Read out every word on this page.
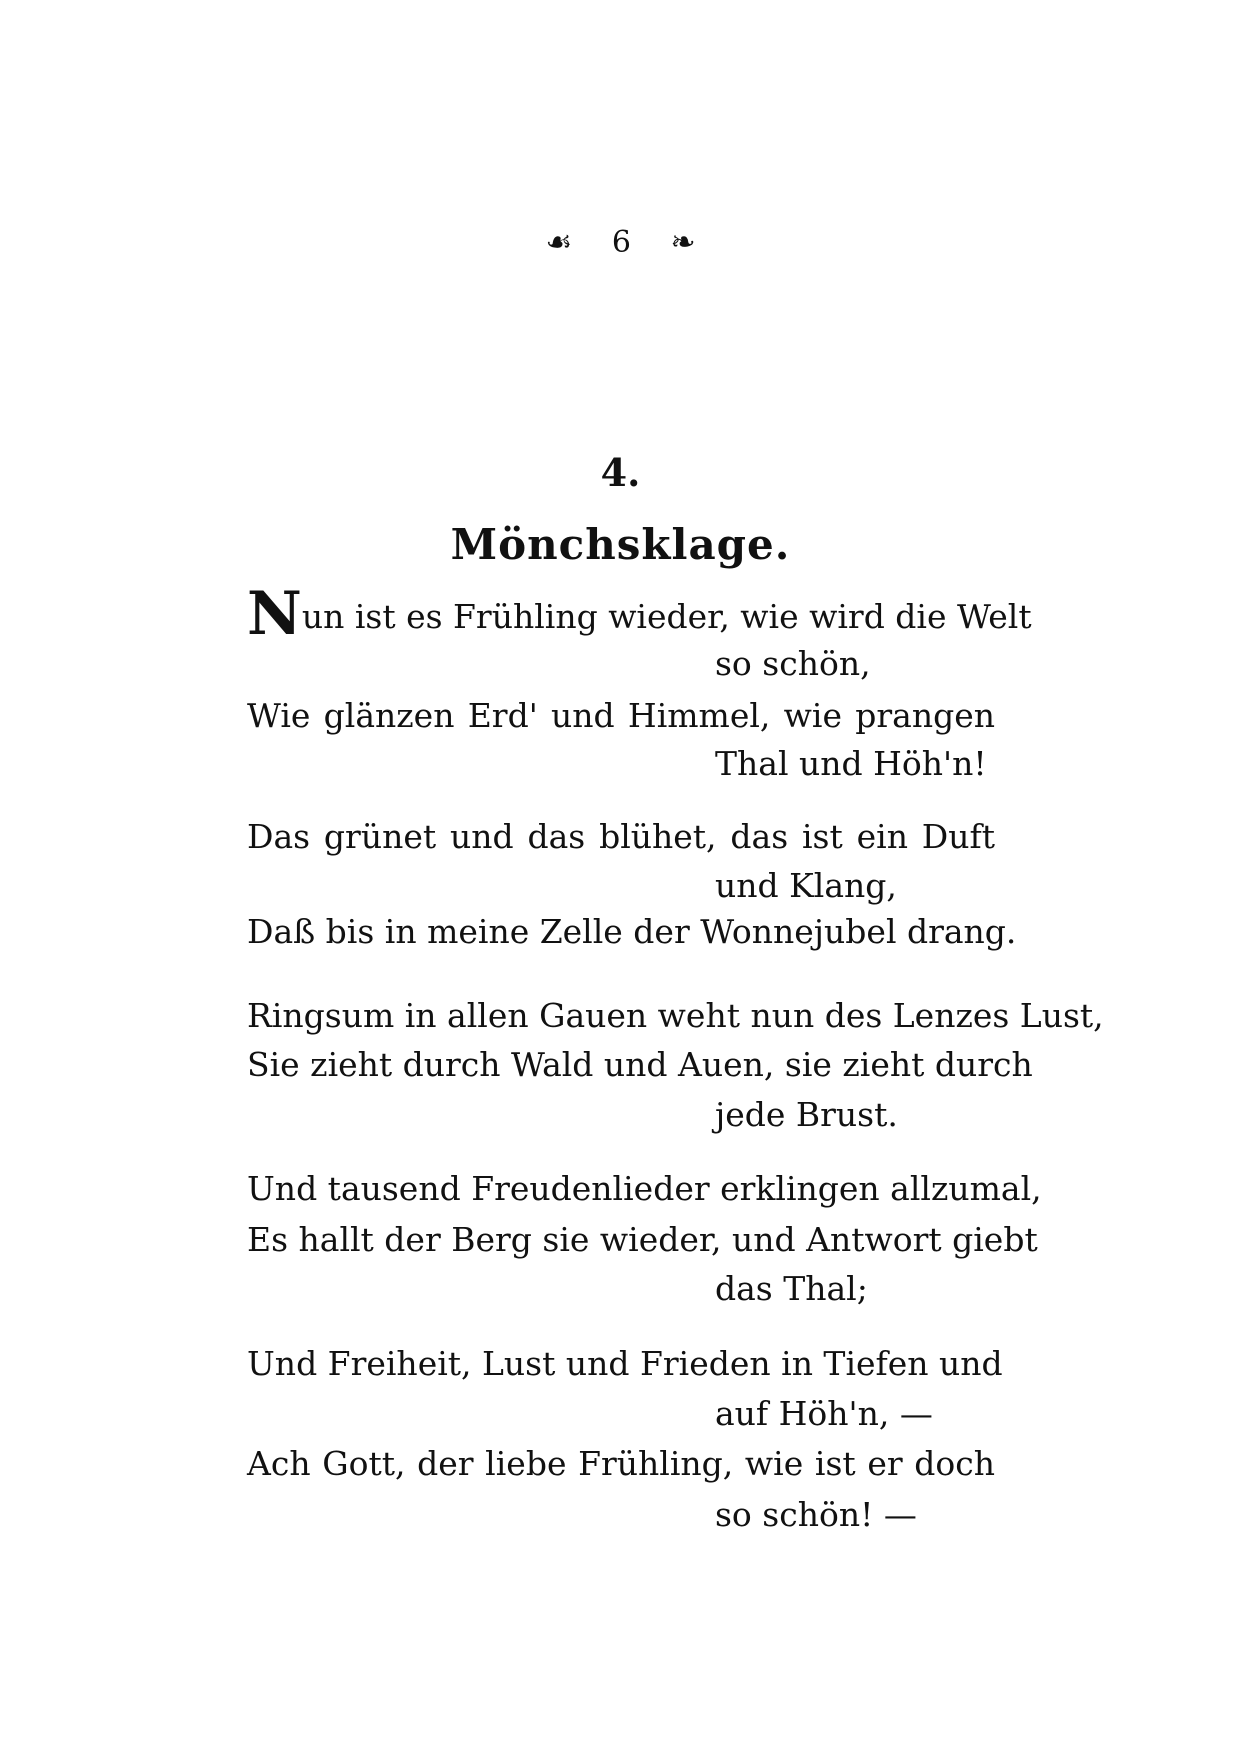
☙ 6 ❧
4.
Mönchsklage.
Nun ist es Frühling wieder, wie wird die Welt
so schön,
Wie glänzen Erd' und Himmel, wie prangen
Thal und Höh'n!
Das grünet und das blühet, das ist ein Duft
und Klang,
Daß bis in meine Zelle der Wonnejubel drang.
Ringsum in allen Gauen weht nun des Lenzes Lust,
Sie zieht durch Wald und Auen, sie zieht durch
jede Brust.
Und tausend Freudenlieder erklingen allzumal,
Es hallt der Berg sie wieder, und Antwort giebt
das Thal;
Und Freiheit, Lust und Frieden in Tiefen und
auf Höh'n, —
Ach Gott, der liebe Frühling, wie ist er doch
so schön! —
